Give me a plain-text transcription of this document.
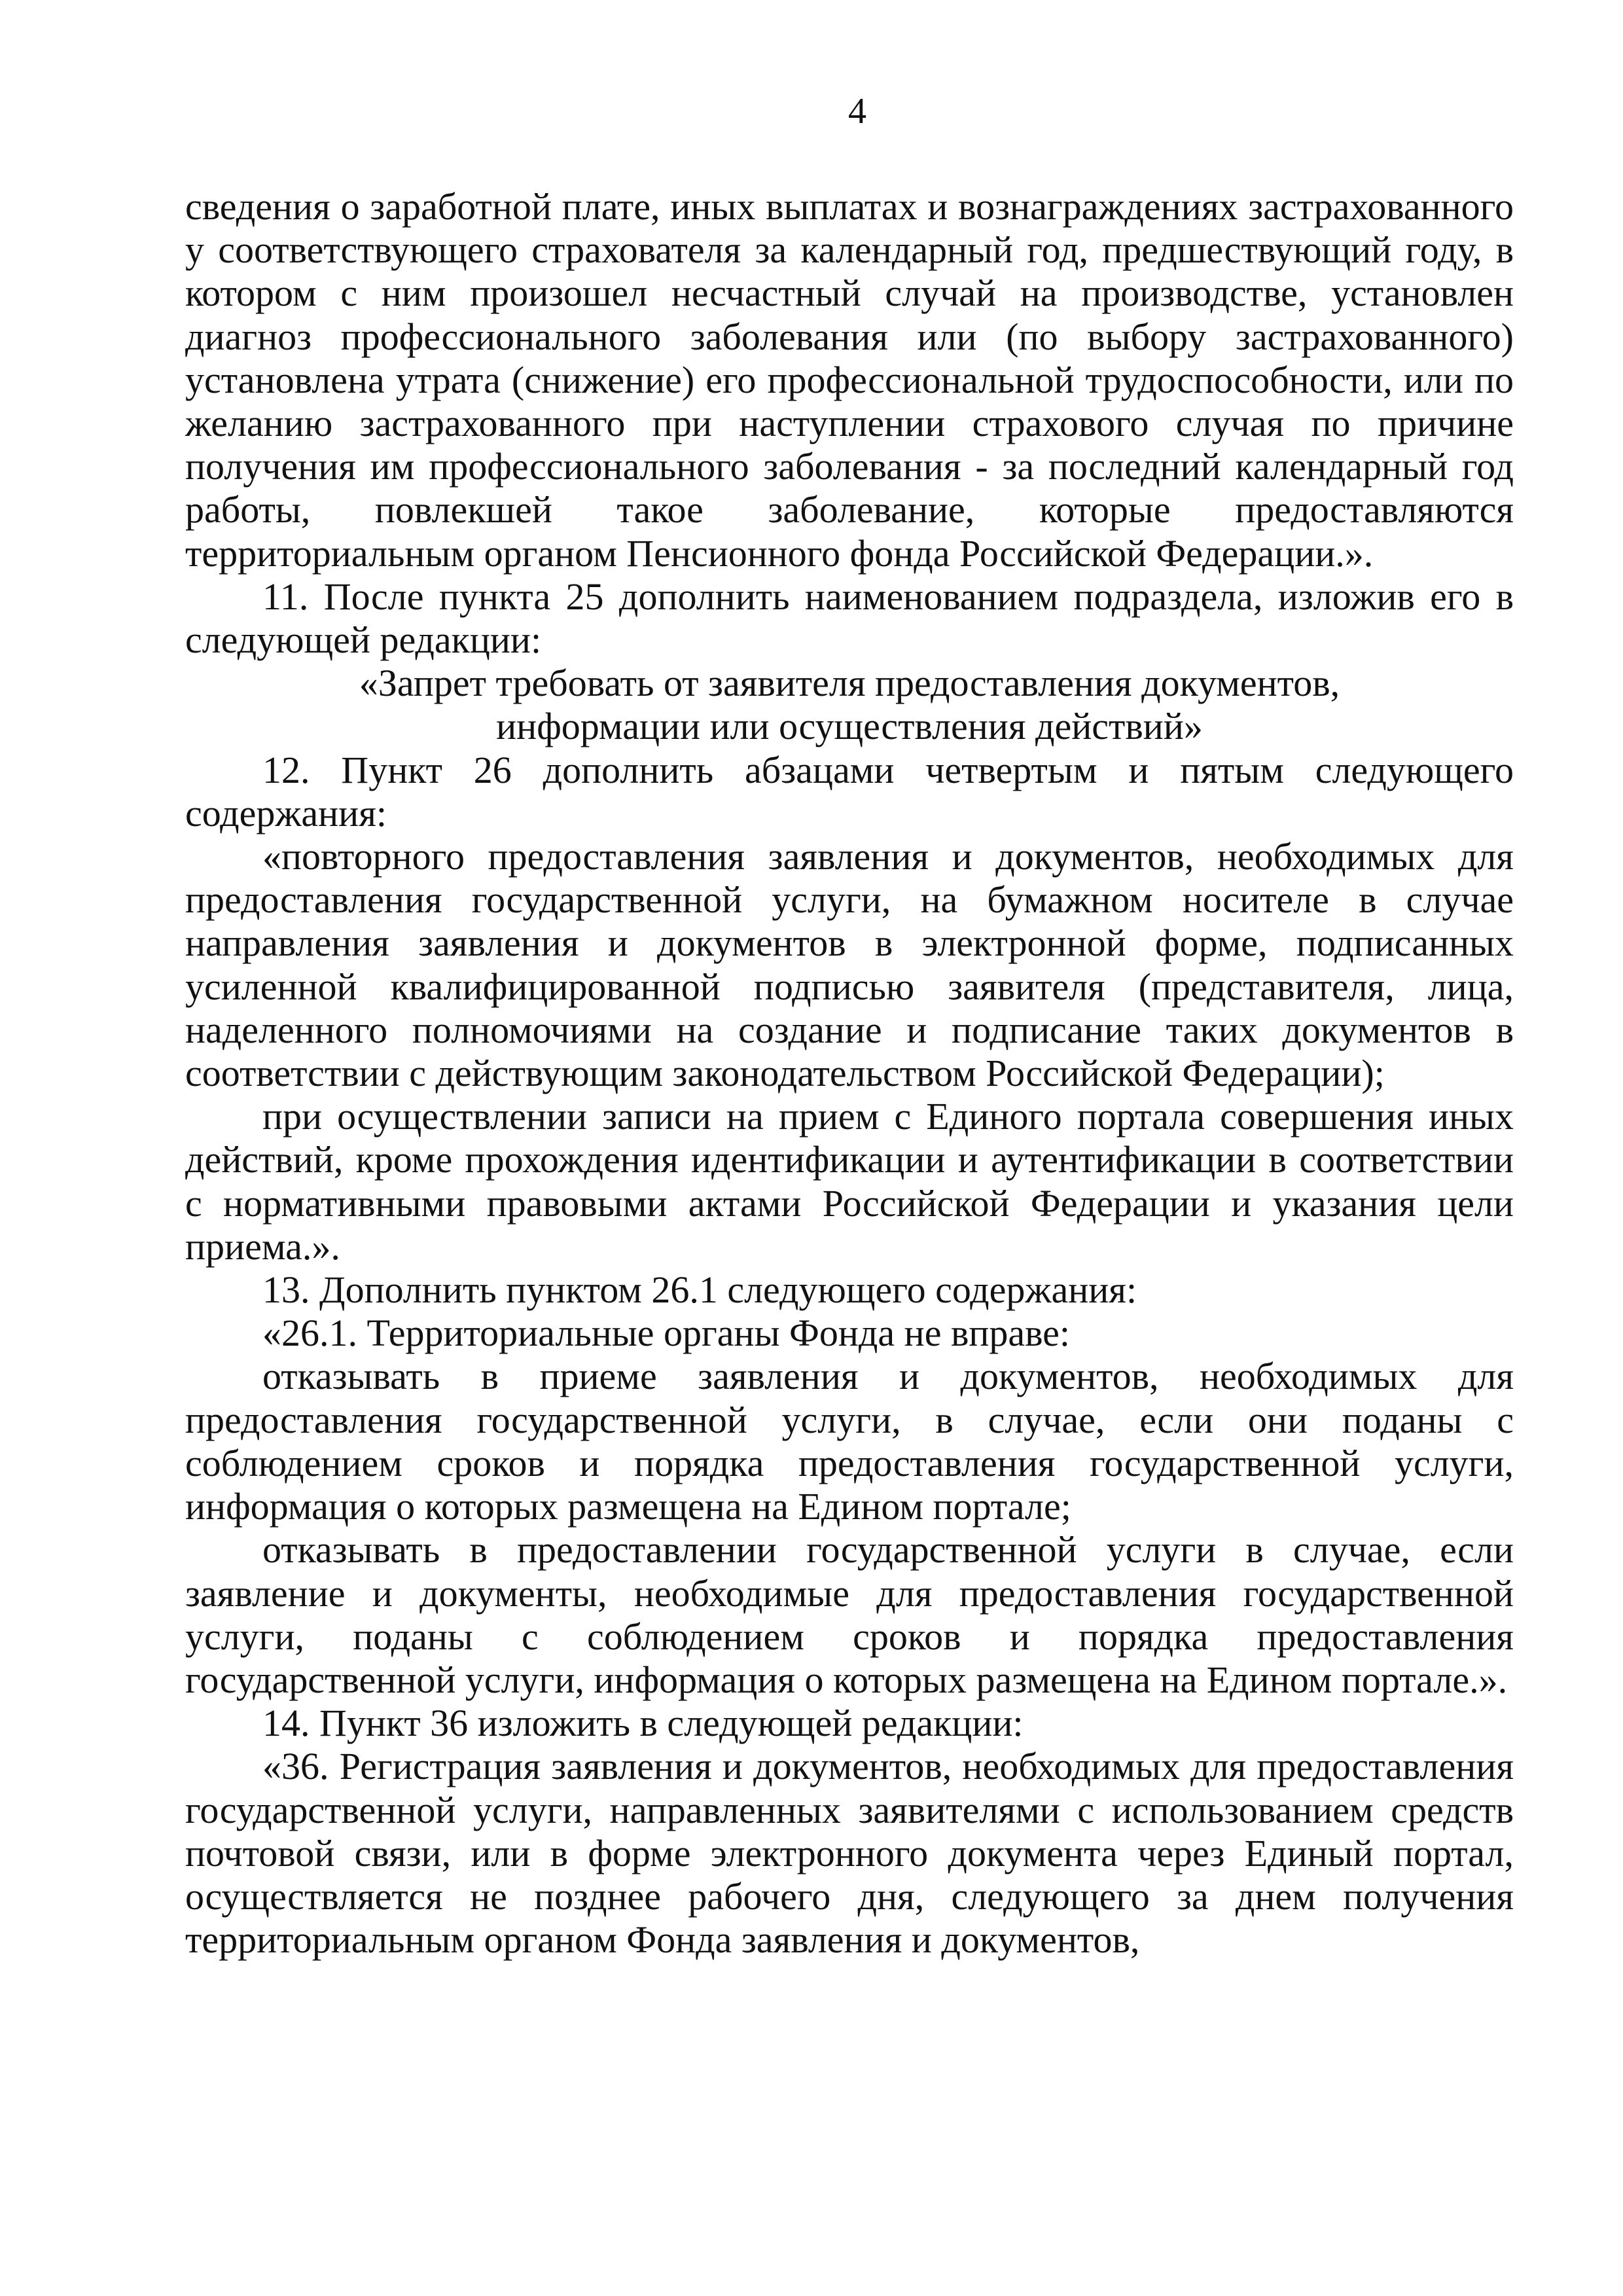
4

сведения о заработной плате, иных выплатах и вознаграждениях застрахованного у соответствующего страхователя за календарный год, предшествующий году, в котором с ним произошел несчастный случай на производстве, установлен диагноз профессионального заболевания или (по выбору застрахованного) установлена утрата (снижение) его профессиональной трудоспособности, или по желанию застрахованного при наступлении страхового случая по причине получения им профессионального заболевания - за последний календарный год работы, повлекшей такое заболевание, которые предоставляются территориальным органом Пенсионного фонда Российской Федерации.».

11. После пункта 25 дополнить наименованием подраздела, изложив его в следующей редакции:

«Запрет требовать от заявителя предоставления документов,
информации или осуществления действий»

12. Пункт 26 дополнить абзацами четвертым и пятым следующего содержания:

«повторного предоставления заявления и документов, необходимых для предоставления государственной услуги, на бумажном носителе в случае направления заявления и документов в электронной форме, подписанных усиленной квалифицированной подписью заявителя (представителя, лица, наделенного полномочиями на создание и подписание таких документов в соответствии с действующим законодательством Российской Федерации);

при осуществлении записи на прием с Единого портала совершения иных действий, кроме прохождения идентификации и аутентификации в соответствии с нормативными правовыми актами Российской Федерации и указания цели приема.».

13. Дополнить пунктом 26.1 следующего содержания:

«26.1. Территориальные органы Фонда не вправе:

отказывать в приеме заявления и документов, необходимых для предоставления государственной услуги, в случае, если они поданы с соблюдением сроков и порядка предоставления государственной услуги, информация о которых размещена на Едином портале;

отказывать в предоставлении государственной услуги в случае, если заявление и документы, необходимые для предоставления государственной услуги, поданы с соблюдением сроков и порядка предоставления государственной услуги, информация о которых размещена на Едином портале.».

14. Пункт 36 изложить в следующей редакции:

«36. Регистрация заявления и документов, необходимых для предоставления государственной услуги, направленных заявителями с использованием средств почтовой связи, или в форме электронного документа через Единый портал, осуществляется не позднее рабочего дня, следующего за днем получения территориальным органом Фонда заявления и документов,
